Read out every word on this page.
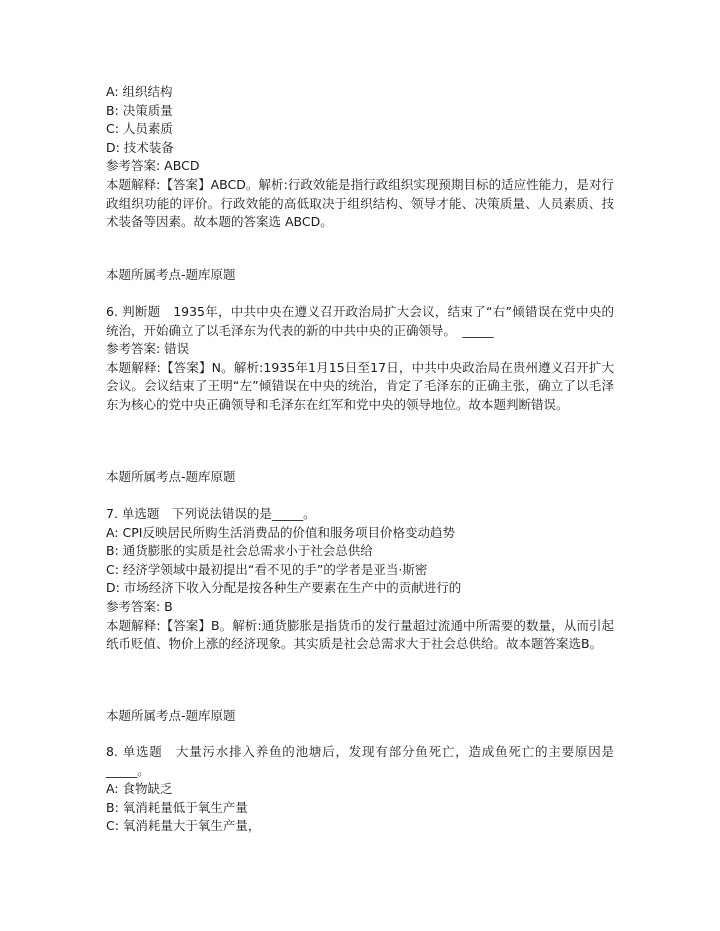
A: 组织结构
B: 决策质量
C: 人员素质
D: 技术装备
参考答案: ABCD
本题解释:【答案】ABCD。解析:行政效能是指行政组织实现预期目标的适应性能力，是对行政组织功能的评价。行政效能的高低取决于组织结构、领导才能、决策质量、人员素质、技术装备等因素。故本题的答案选 ABCD。
本题所属考点-题库原题
6. 判断题　1935年，中共中央在遵义召开政治局扩大会议，结束了“右”倾错误在党中央的统治，开始确立了以毛泽东为代表的新的中共中央的正确领导。　_____
参考答案: 错误
本题解释:【答案】N。解析:1935年1月15日至17日，中共中央政治局在贵州遵义召开扩大会议。会议结束了王明“左”倾错误在中央的统治，肯定了毛泽东的正确主张，确立了以毛泽东为核心的党中央正确领导和毛泽东在红军和党中央的领导地位。故本题判断错误。
本题所属考点-题库原题
7. 单选题　下列说法错误的是_____。
A: CPI反映居民所购生活消费品的价值和服务项目价格变动趋势
B: 通货膨胀的实质是社会总需求小于社会总供给
C: 经济学领域中最初提出“看不见的手”的学者是亚当·斯密
D: 市场经济下收入分配是按各种生产要素在生产中的贡献进行的
参考答案: B
本题解释:【答案】B。解析:通货膨胀是指货币的发行量超过流通中所需要的数量，从而引起纸币贬值、物价上涨的经济现象。其实质是社会总需求大于社会总供给。故本题答案选B。
本题所属考点-题库原题
8. 单选题　大量污水排入养鱼的池塘后，发现有部分鱼死亡，造成鱼死亡的主要原因是_____。
A: 食物缺乏
B: 氧消耗量低于氧生产量
C: 氧消耗量大于氧生产量，
